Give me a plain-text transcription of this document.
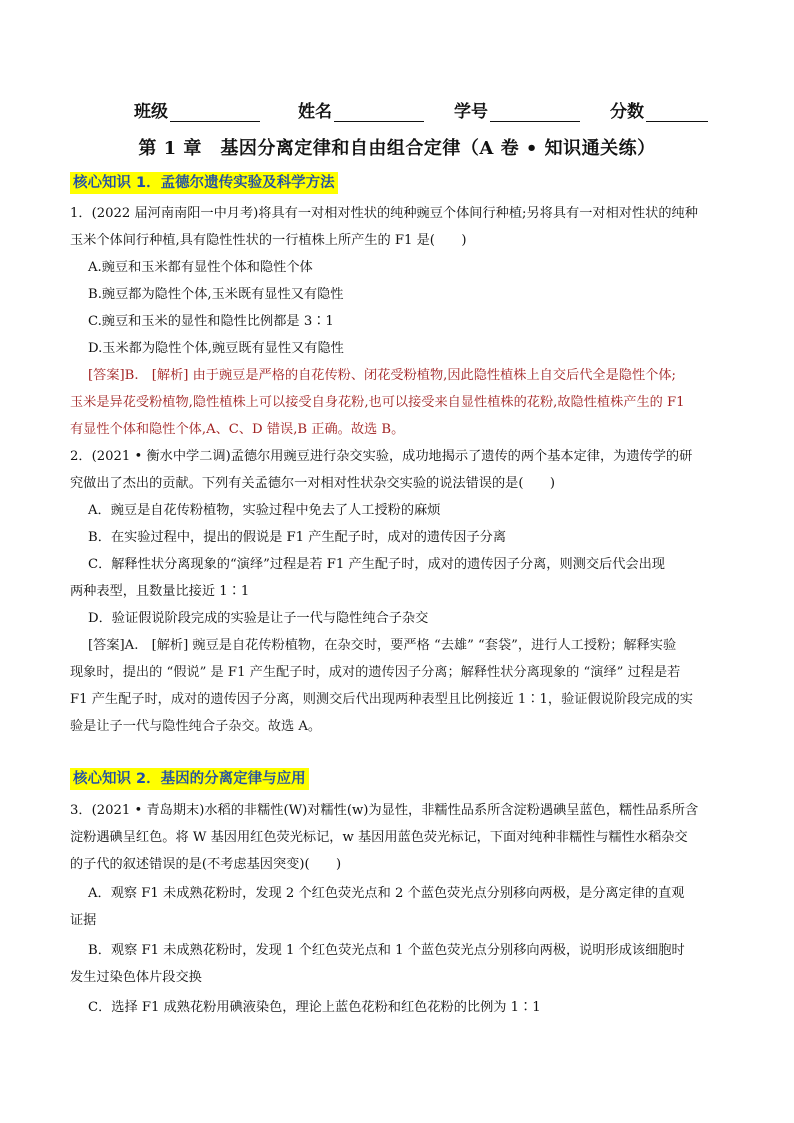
班级	姓名	学号	分数
第 1 章　基因分离定律和自由组合定律（A 卷 • 知识通关练）
核心知识 1．孟德尔遗传实验及科学方法
1．(2022 届河南南阳一中月考)将具有一对相对性状的纯种豌豆个体间行种植;另将具有一对相对性状的纯种
玉米个体间行种植,具有隐性性状的一行植株上所产生的 F1 是(　　)
A.豌豆和玉米都有显性个体和隐性个体
B.豌豆都为隐性个体,玉米既有显性又有隐性
C.豌豆和玉米的显性和隐性比例都是 3∶1
D.玉米都为隐性个体,豌豆既有显性又有隐性
[答案]B.　[解析] 由于豌豆是严格的自花传粉、闭花受粉植物,因此隐性植株上自交后代全是隐性个体;
玉米是异花受粉植物,隐性植株上可以接受自身花粉,也可以接受来自显性植株的花粉,故隐性植株产生的 F1
有显性个体和隐性个体,A、C、D 错误,B 正确。故选 B。
2．(2021 • 衡水中学二调)孟德尔用豌豆进行杂交实验，成功地揭示了遗传的两个基本定律，为遗传学的研
究做出了杰出的贡献。下列有关孟德尔一对相对性状杂交实验的说法错误的是(　　)
A．豌豆是自花传粉植物，实验过程中免去了人工授粉的麻烦
B．在实验过程中，提出的假说是 F1 产生配子时，成对的遗传因子分离
C．解释性状分离现象的“演绎”过程是若 F1 产生配子时，成对的遗传因子分离，则测交后代会出现
两种表型，且数量比接近 1∶1
D．验证假说阶段完成的实验是让子一代与隐性纯合子杂交
[答案]A.　[解析] 豌豆是自花传粉植物，在杂交时，要严格 “去雄” “套袋”，进行人工授粉；解释实验
现象时，提出的 “假说” 是 F1 产生配子时，成对的遗传因子分离；解释性状分离现象的 “演绎” 过程是若
F1 产生配子时，成对的遗传因子分离，则测交后代出现两种表型且比例接近 1∶1，验证假说阶段完成的实
验是让子一代与隐性纯合子杂交。故选 A。
核心知识 2．基因的分离定律与应用
3．(2021 • 青岛期末)水稻的非糯性(W)对糯性(w)为显性，非糯性品系所含淀粉遇碘呈蓝色，糯性品系所含
淀粉遇碘呈红色。将 W 基因用红色荧光标记，w 基因用蓝色荧光标记，下面对纯种非糯性与糯性水稻杂交
的子代的叙述错误的是(不考虑基因突变)(　　)
A．观察 F1 未成熟花粉时，发现 2 个红色荧光点和 2 个蓝色荧光点分别移向两极，是分离定律的直观
证据
B．观察 F1 未成熟花粉时，发现 1 个红色荧光点和 1 个蓝色荧光点分别移向两极，说明形成该细胞时
发生过染色体片段交换
C．选择 F1 成熟花粉用碘液染色，理论上蓝色花粉和红色花粉的比例为 1∶1
